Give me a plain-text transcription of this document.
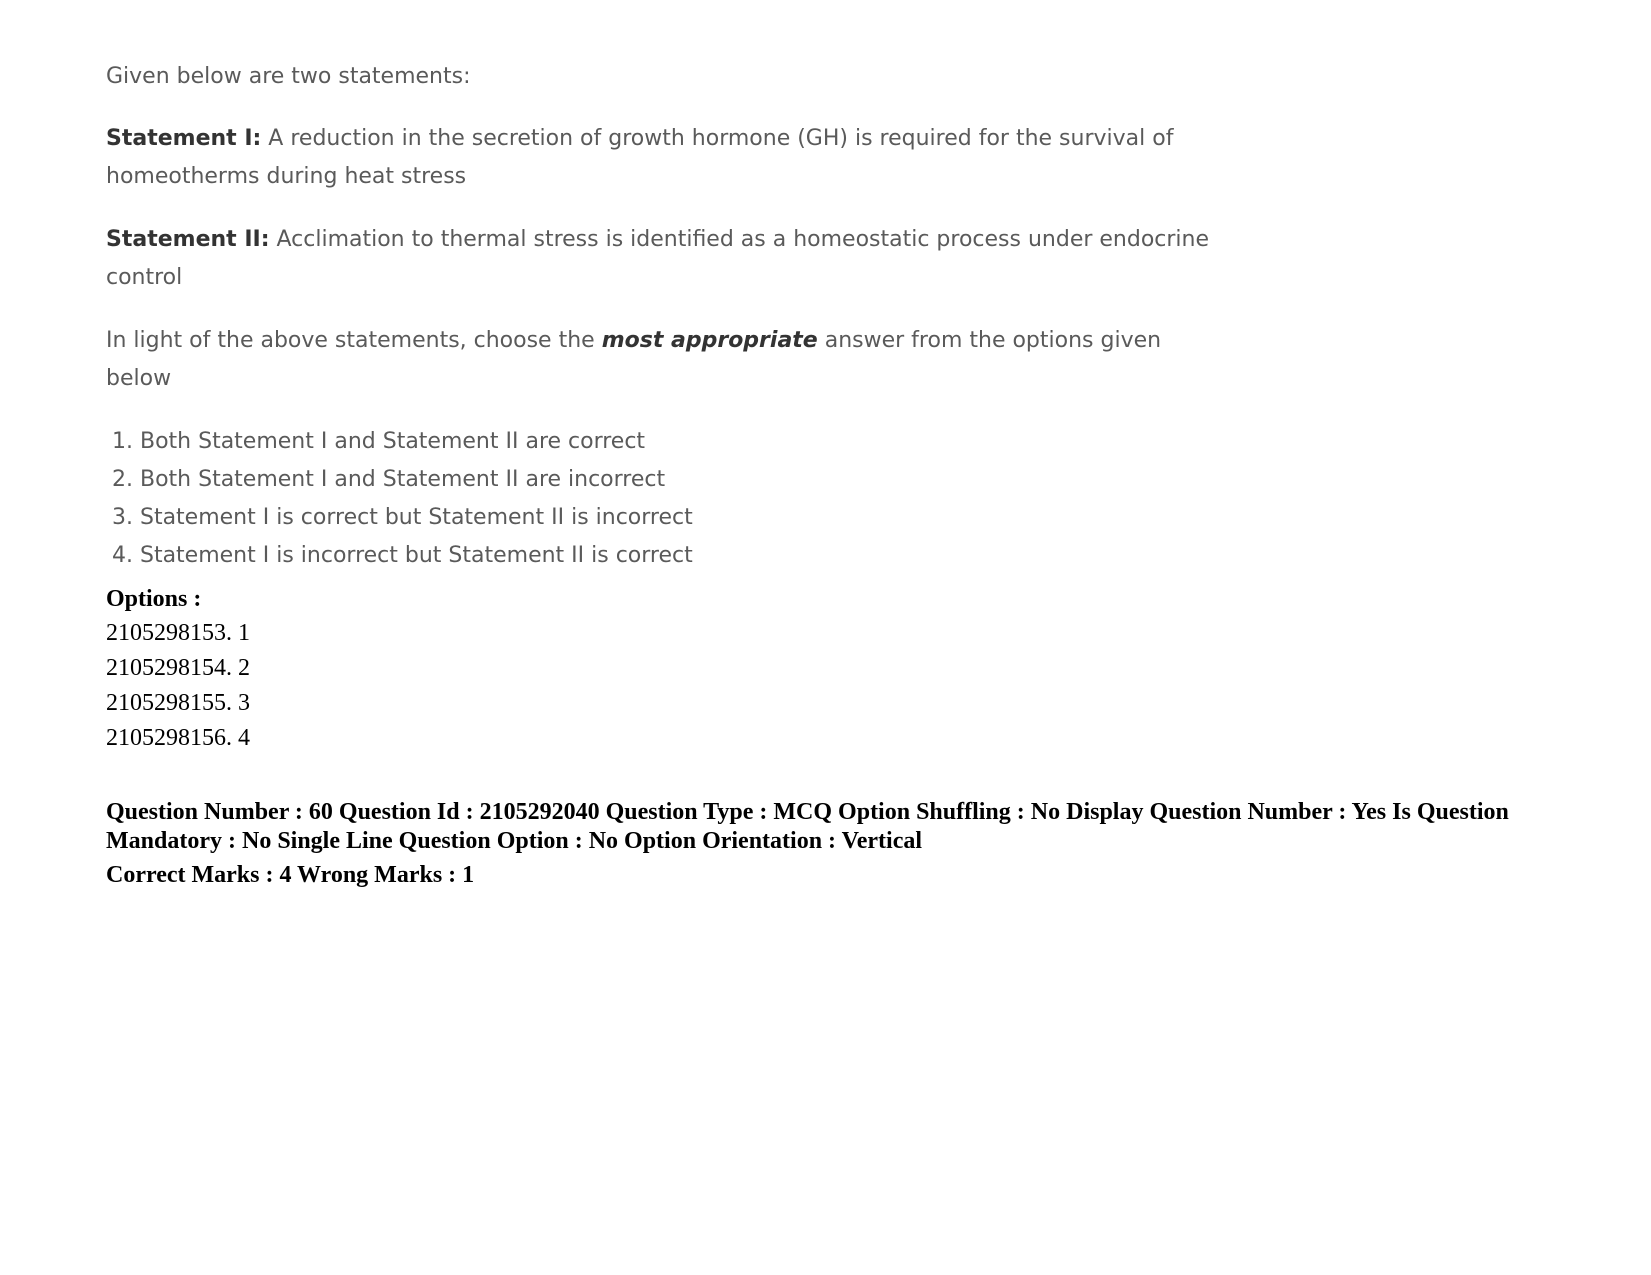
Given below are two statements:

Statement I: A reduction in the secretion of growth hormone (GH) is required for the survival of homeotherms during heat stress

Statement II: Acclimation to thermal stress is identified as a homeostatic process under endocrine control

In light of the above statements, choose the most appropriate answer from the options given below

1. Both Statement I and Statement II are correct
2. Both Statement I and Statement II are incorrect
3. Statement I is correct but Statement II is incorrect
4. Statement I is incorrect but Statement II is correct
Options :
2105298153. 1
2105298154. 2
2105298155. 3
2105298156. 4
Question Number : 60 Question Id : 2105292040 Question Type : MCQ Option Shuffling : No Display Question Number : Yes Is Question Mandatory : No Single Line Question Option : No Option Orientation : Vertical
Correct Marks : 4 Wrong Marks : 1
